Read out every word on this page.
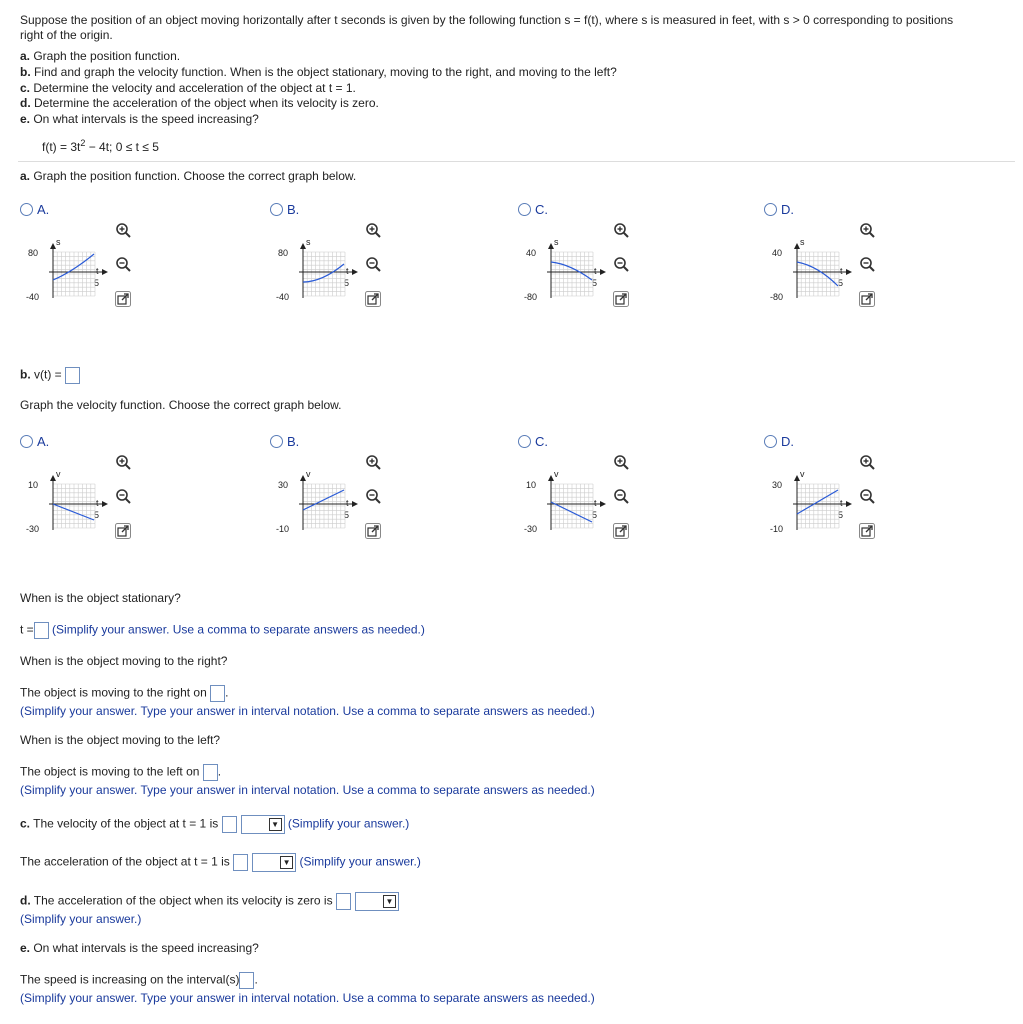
Suppose the position of an object moving horizontally after t seconds is given by the following function s = f(t), where s is measured in feet, with s > 0 corresponding to positions
right of the origin.
a. Graph the position function.
b. Find and graph the velocity function. When is the object stationary, moving to the right, and moving to the left?
c. Determine the velocity and acceleration of the object at t = 1.
d. Determine the acceleration of the object when its velocity is zero.
e. On what intervals is the speed increasing?
$f(t) = 3t^2 - 4t$; 0 ≤ t ≤ 5
a. Graph the position function. Choose the correct graph below.
A.
80
-40
5
s
t
B.
80
-40
5
s
t
C.
40
-80
5
s
t
D.
40
-80
5
s
t
b. v(t) =
Graph the velocity function. Choose the correct graph below.
A.
10
-30
5
v
t
B.
30
-10
5
v
t
C.
10
-30
5
v
t
D.
30
-10
5
v
t
When is the object stationary?
t = (Simplify your answer. Use a comma to separate answers as needed.)
When is the object moving to the right?
The object is moving to the right on .
(Simplify your answer. Type your answer in interval notation. Use a comma to separate answers as needed.)
When is the object moving to the left?
The object is moving to the left on .
(Simplify your answer. Type your answer in interval notation. Use a comma to separate answers as needed.)
c. The velocity of the object at t = 1 is	▼ (Simplify your answer.)
The acceleration of the object at t = 1 is	▼ (Simplify your answer.)
d. The acceleration of the object when its velocity is zero is	▼
(Simplify your answer.)
e. On what intervals is the speed increasing?
The speed is increasing on the interval(s) .
(Simplify your answer. Type your answer in interval notation. Use a comma to separate answers as needed.)
